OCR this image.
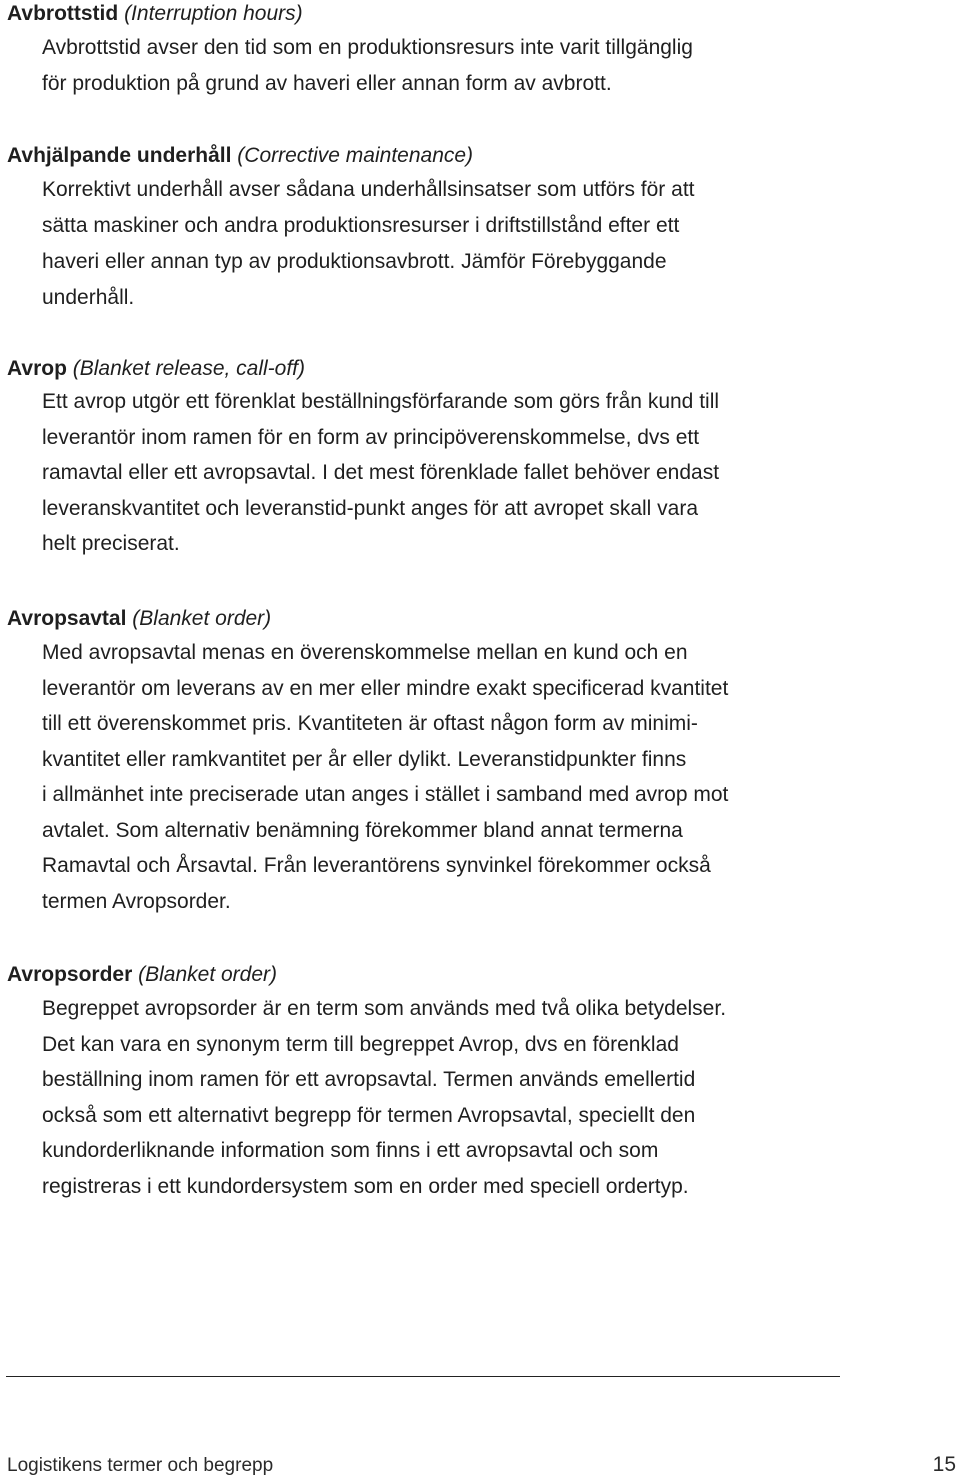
Avbrottstid (Interruption hours)
Avbrottstid avser den tid som en produktionsresurs inte varit tillgänglig
för produktion på grund av haveri eller annan form av avbrott.
Avhjälpande underhåll (Corrective maintenance)
Korrektivt underhåll avser sådana underhållsinsatser som utförs för att
sätta maskiner och andra produktionsresurser i driftstillstånd efter ett
haveri eller annan typ av produktionsavbrott. Jämför Förebyggande
underhåll.
Avrop (Blanket release, call-off)
Ett avrop utgör ett förenklat beställningsförfarande som görs från kund till
leverantör inom ramen för en form av principöverenskommelse, dvs ett
ramavtal eller ett avropsavtal. I det mest förenklade fallet behöver endast
leveranskvantitet och leveranstid-punkt anges för att avropet skall vara
helt preciserat.
Avropsavtal (Blanket order)
Med avropsavtal menas en överenskommelse mellan en kund och en
leverantör om leverans av en mer eller mindre exakt specificerad kvantitet
till ett överenskommet pris. Kvantiteten är oftast någon form av minimi-
kvantitet eller ramkvantitet per år eller dylikt. Leveranstidpunkter finns
i allmänhet inte preciserade utan anges i stället i samband med avrop mot
avtalet. Som alternativ benämning förekommer bland annat termerna
Ramavtal och Årsavtal. Från leverantörens synvinkel förekommer också
termen Avropsorder.
Avropsorder (Blanket order)
Begreppet avropsorder är en term som används med två olika betydelser.
Det kan vara en synonym term till begreppet Avrop, dvs en förenklad
beställning inom ramen för ett avropsavtal. Termen används emellertid
också som ett alternativt begrepp för termen Avropsavtal, speciellt den
kundorderliknande information som finns i ett avropsavtal och som
registreras i ett kundordersystem som en order med speciell ordertyp.
Logistikens termer och begrepp	15
